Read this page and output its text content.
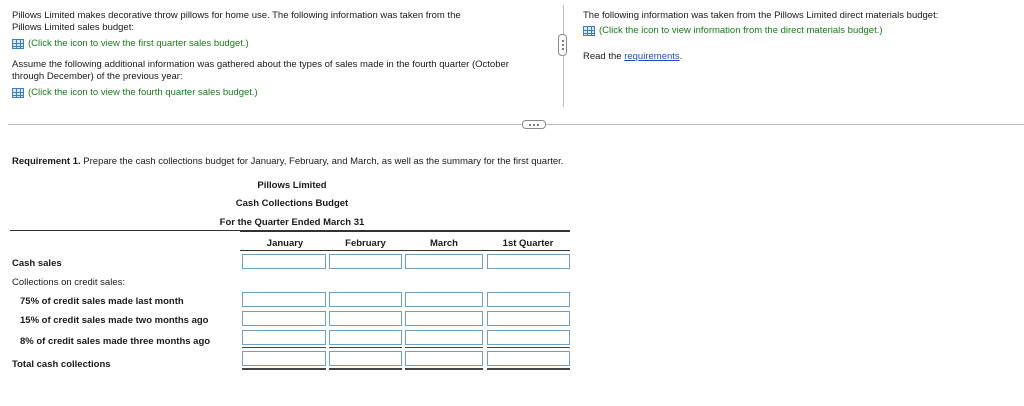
Pillows Limited makes decorative throw pillows for home use. The following information was taken from the
Pillows Limited sales budget:
(Click the icon to view the first quarter sales budget.)
Assume the following additional information was gathered about the types of sales made in the fourth quarter (October
through December) of the previous year:
(Click the icon to view the fourth quarter sales budget.)
The following information was taken from the Pillows Limited direct materials budget:
(Click the icon to view information from the direct materials budget.)
Read the requirements.
Requirement 1. Prepare the cash collections budget for January, February, and March, as well as the summary for the first quarter.
Pillows Limited
Cash Collections Budget
For the Quarter Ended March 31
January	February	March	1st Quarter
Cash sales
Collections on credit sales:
75% of credit sales made last month
15% of credit sales made two months ago
8% of credit sales made three months ago
Total cash collections
